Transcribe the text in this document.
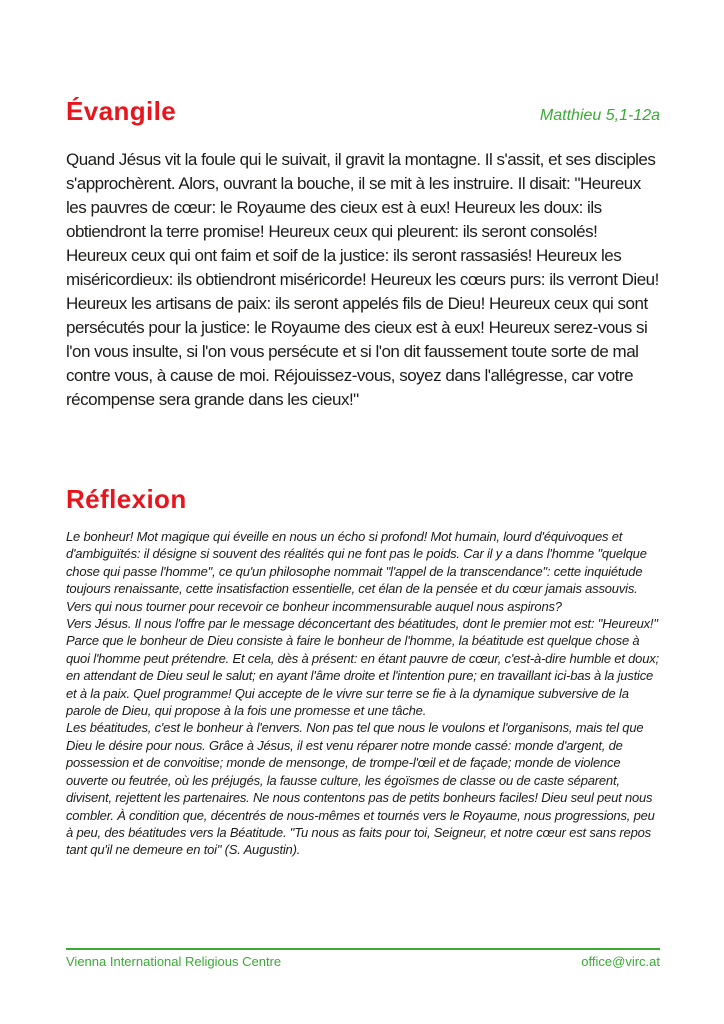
Évangile	Matthieu 5,1-12a

Quand Jésus vit la foule qui le suivait, il gravit la montagne. Il s'assit, et ses disciples s'approchèrent. Alors, ouvrant la bouche, il se mit à les instruire. Il disait: "Heureux les pauvres de cœur: le Royaume des cieux est à eux! Heureux les doux: ils obtiendront la terre promise! Heureux ceux qui pleurent: ils seront consolés! Heureux ceux qui ont faim et soif de la justice: ils seront rassasiés! Heureux les miséricordieux: ils obtiendront miséricorde! Heureux les cœurs purs: ils verront Dieu! Heureux les artisans de paix: ils seront appelés fils de Dieu! Heureux ceux qui sont persécutés pour la justice: le Royaume des cieux est à eux! Heureux serez-vous si l'on vous insulte, si l'on vous persécute et si l'on dit faussement toute sorte de mal contre vous, à cause de moi. Réjouissez-vous, soyez dans l'allégresse, car votre récompense sera grande dans les cieux!"

Réflexion

Le bonheur! Mot magique qui éveille en nous un écho si profond! Mot humain, lourd d'équivoques et d'ambiguïtés: il désigne si souvent des réalités qui ne font pas le poids. Car il y a dans l'homme "quelque chose qui passe l'homme", ce qu'un philosophe nommait "l'appel de la transcendance": cette inquiétude toujours renaissante, cette insatisfaction essentielle, cet élan de la pensée et du cœur jamais assouvis. Vers qui nous tourner pour recevoir ce bonheur incommensurable auquel nous aspirons?

Vers Jésus. Il nous l'offre par le message déconcertant des béatitudes, dont le premier mot est: "Heureux!" Parce que le bonheur de Dieu consiste à faire le bonheur de l'homme, la béatitude est quelque chose à quoi l'homme peut prétendre. Et cela, dès à présent: en étant pauvre de cœur, c'est-à-dire humble et doux; en attendant de Dieu seul le salut; en ayant l'âme droite et l'intention pure; en travaillant ici-bas à la justice et à la paix. Quel programme! Qui accepte de le vivre sur terre se fie à la dynamique subversive de la parole de Dieu, qui propose à la fois une promesse et une tâche.

Les béatitudes, c'est le bonheur à l'envers. Non pas tel que nous le voulons et l'organisons, mais tel que Dieu le désire pour nous. Grâce à Jésus, il est venu réparer notre monde cassé: monde d'argent, de possession et de convoitise; monde de mensonge, de trompe-l'œil et de façade; monde de violence ouverte ou feutrée, où les préjugés, la fausse culture, les égoïsmes de classe ou de caste séparent, divisent, rejettent les partenaires. Ne nous contentons pas de petits bonheurs faciles! Dieu seul peut nous combler. À condition que, décentrés de nous-mêmes et tournés vers le Royaume, nous progressions, peu à peu, des béatitudes vers la Béatitude. "Tu nous as faits pour toi, Seigneur, et notre cœur est sans repos tant qu'il ne demeure en toi" (S. Augustin).

Vienna International Religious Centre	office@virc.at
